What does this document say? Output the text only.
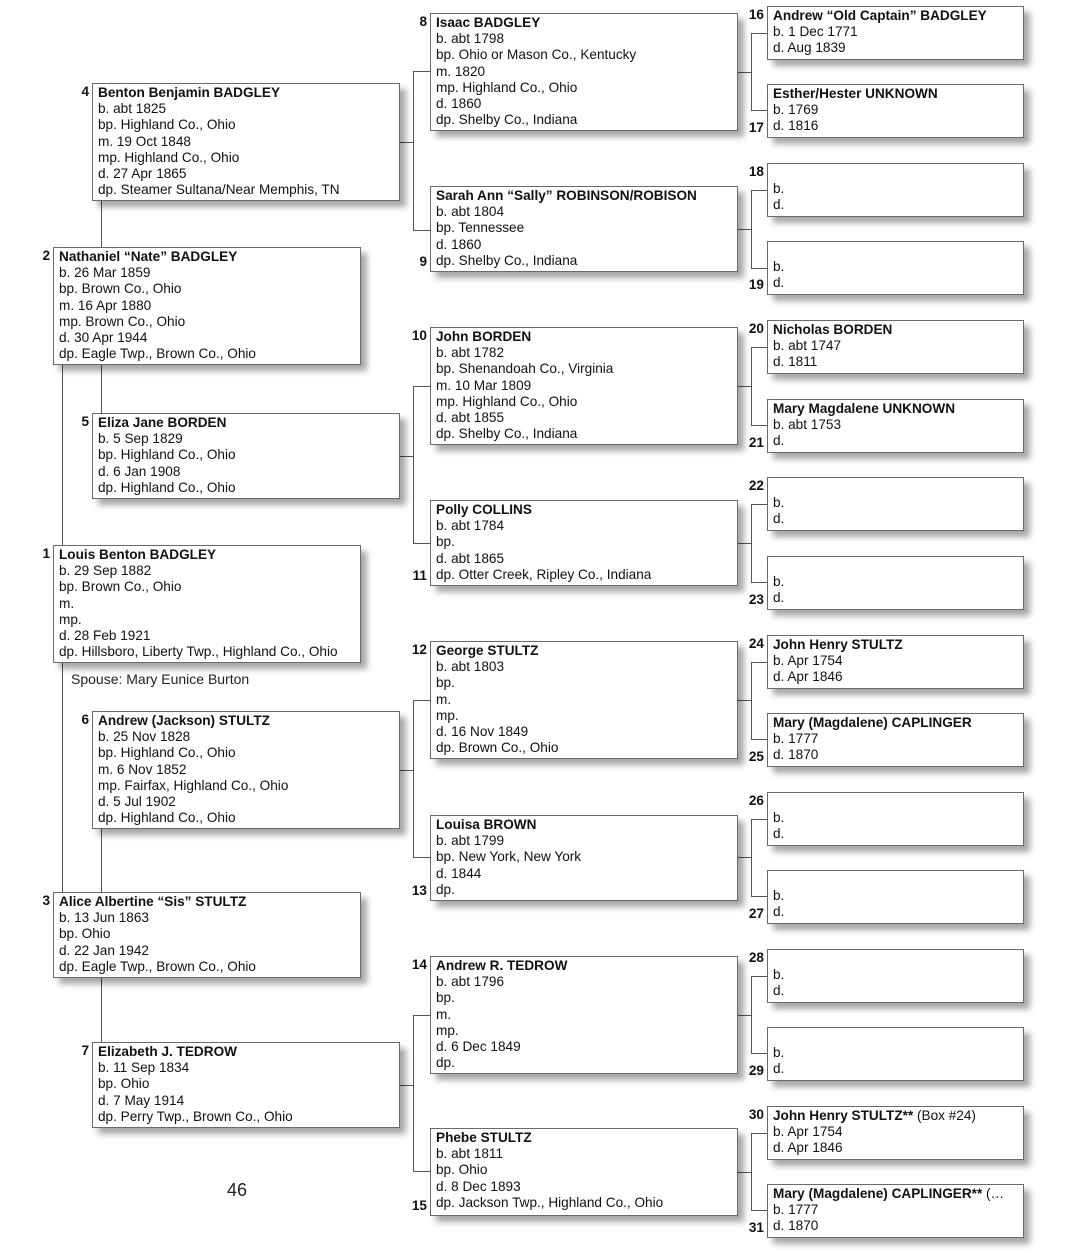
Louis Benton BADGLEY
b. 29 Sep 1882
bp. Brown Co., Ohio
m.
mp.
d. 28 Feb 1921
dp. Hillsboro, Liberty Twp., Highland Co., Ohio
1
Nathaniel “Nate” BADGLEY
b. 26 Mar 1859
bp. Brown Co., Ohio
m. 16 Apr 1880
mp. Brown Co., Ohio
d. 30 Apr 1944
dp. Eagle Twp., Brown Co., Ohio
2
Alice Albertine “Sis” STULTZ
b. 13 Jun 1863
bp. Ohio
d. 22 Jan 1942
dp. Eagle Twp., Brown Co., Ohio
3
Benton Benjamin BADGLEY
b. abt 1825
bp. Highland Co., Ohio
m. 19 Oct 1848
mp. Highland Co., Ohio
d. 27 Apr 1865
dp. Steamer Sultana/Near Memphis, TN
4
Eliza Jane BORDEN
b. 5 Sep 1829
bp. Highland Co., Ohio
d. 6 Jan 1908
dp. Highland Co., Ohio
5
Andrew (Jackson) STULTZ
b. 25 Nov 1828
bp. Highland Co., Ohio
m. 6 Nov 1852
mp. Fairfax, Highland Co., Ohio
d. 5 Jul 1902
dp. Highland Co., Ohio
6
Elizabeth J. TEDROW
b. 11 Sep 1834
bp. Ohio
d. 7 May 1914
dp. Perry Twp., Brown Co., Ohio
7
Isaac BADGLEY
b. abt 1798
bp. Ohio or Mason Co., Kentucky
m. 1820
mp. Highland Co., Ohio
d. 1860
dp. Shelby Co., Indiana
8
Sarah Ann “Sally” ROBINSON/ROBISON
b. abt 1804
bp. Tennessee
d. 1860
dp. Shelby Co., Indiana
9
John BORDEN
b. abt 1782
bp. Shenandoah Co., Virginia
m. 10 Mar 1809
mp. Highland Co., Ohio
d. abt 1855
dp. Shelby Co., Indiana
10
Polly COLLINS
b. abt 1784
bp.
d. abt 1865
dp. Otter Creek, Ripley Co., Indiana
11
George STULTZ
b. abt 1803
bp.
m.
mp.
d. 16 Nov 1849
dp. Brown Co., Ohio
12
Louisa BROWN
b. abt 1799
bp. New York, New York
d. 1844
dp.
13
Andrew R. TEDROW
b. abt 1796
bp.
m.
mp.
d. 6 Dec 1849
dp.
14
Phebe STULTZ
b. abt 1811
bp. Ohio
d. 8 Dec 1893
dp. Jackson Twp., Highland Co., Ohio
15
Andrew “Old Captain” BADGLEY
b. 1 Dec 1771
d. Aug 1839
16
Esther/Hester UNKNOWN
b. 1769
d. 1816
17

b.
d.
18

b.
d.
19
Nicholas BORDEN
b. abt 1747
d. 1811
20
Mary Magdalene UNKNOWN
b. abt 1753
d.
21

b.
d.
22

b.
d.
23
John Henry STULTZ
b. Apr 1754
d. Apr 1846
24
Mary (Magdalene) CAPLINGER
b. 1777
d. 1870
25

b.
d.
26

b.
d.
27

b.
d.
28

b.
d.
29
John Henry STULTZ** (Box #24)
b. Apr 1754
d. Apr 1846
30
Mary (Magdalene) CAPLINGER** (…
b. 1777
d. 1870
31
Spouse: Mary Eunice Burton
46
